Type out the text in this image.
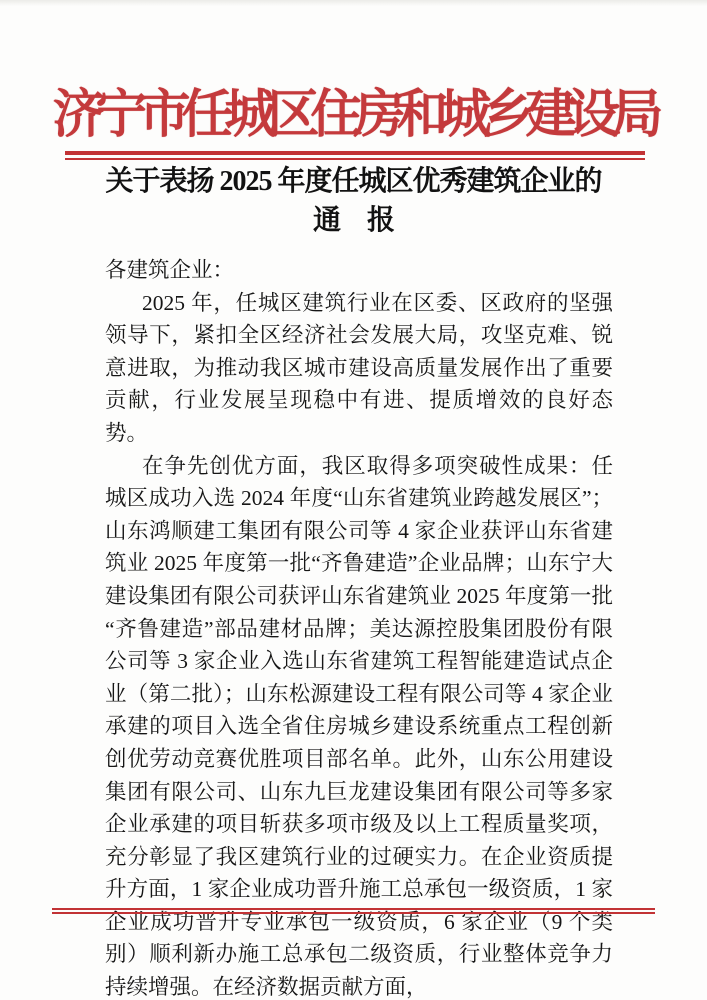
济宁市任城区住房和城乡建设局
关于表扬 2025 年度任城区优秀建筑企业的
通　报

各建筑企业：

2025 年，任城区建筑行业在区委、区政府的坚强领导下，紧扣全区经济社会发展大局，攻坚克难、锐意进取，为推动我区城市建设高质量发展作出了重要贡献，行业发展呈现稳中有进、提质增效的良好态势。

在争先创优方面，我区取得多项突破性成果：任城区成功入选 2024 年度“山东省建筑业跨越发展区”；山东鸿顺建工集团有限公司等 4 家企业获评山东省建筑业 2025 年度第一批“齐鲁建造”企业品牌；山东宁大建设集团有限公司获评山东省建筑业 2025 年度第一批“齐鲁建造”部品建材品牌；美达源控股集团股份有限公司等 3 家企业入选山东省建筑工程智能建造试点企业（第二批）；山东松源建设工程有限公司等 4 家企业承建的项目入选全省住房城乡建设系统重点工程创新创优劳动竞赛优胜项目部名单。此外，山东公用建设集团有限公司、山东九巨龙建设集团有限公司等多家企业承建的项目斩获多项市级及以上工程质量奖项，充分彰显了我区建筑行业的过硬实力。在企业资质提升方面，1 家企业成功晋升施工总承包一级资质，1 家企业成功晋升专业承包一级资质，6 家企业（9 个类别）顺利新办施工总承包二级资质，行业整体竞争力持续增强。在经济数据贡献方面，
